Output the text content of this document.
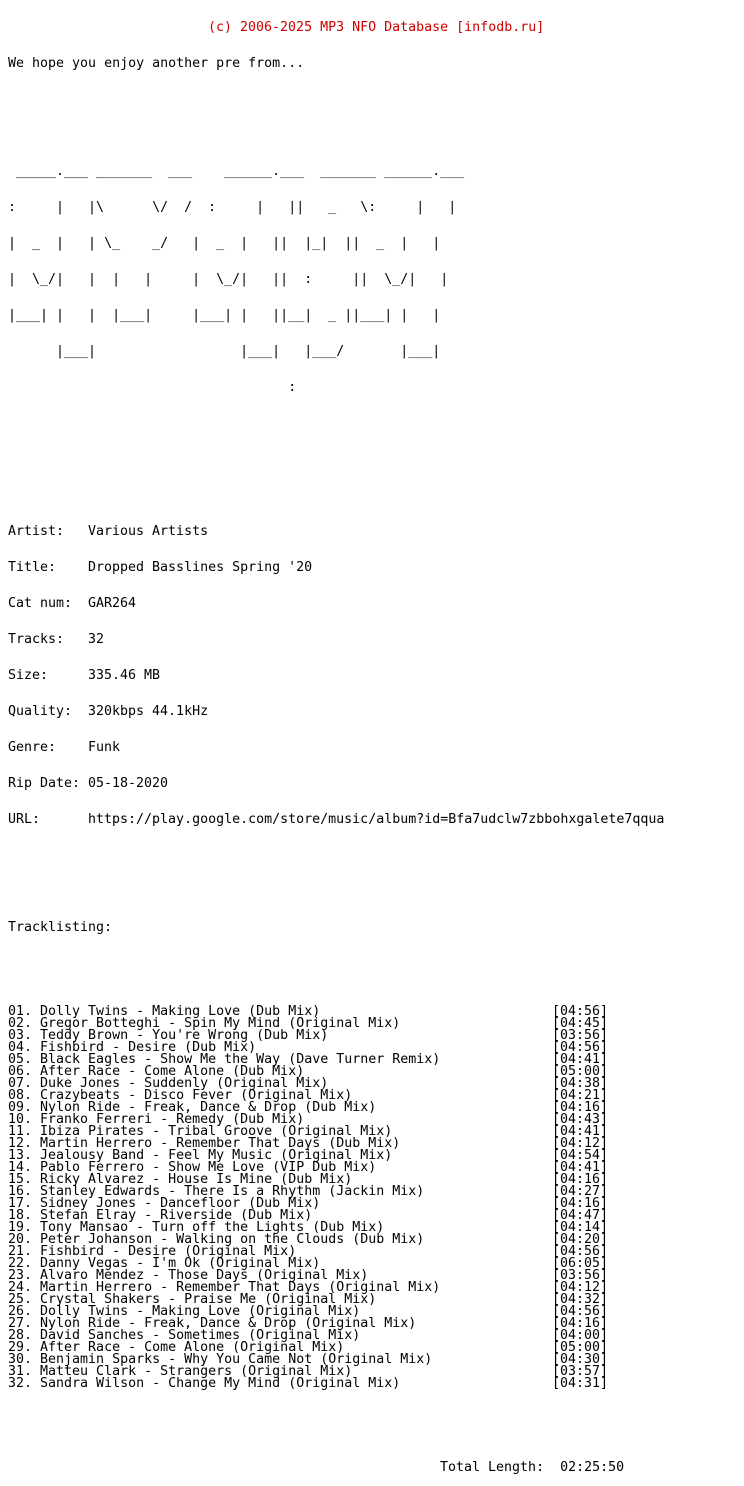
(c) 2006-2025 MP3 NFO Database [infodb.ru]

We hope you enjoy another pre from...

_____.___ _______  ___    ______.___  _______ ______.___

:     |   |\      \/  /  :     |   ||   _   \:     |   |

|  _  |   | \_    _/   |  _  |   ||  |_|  ||  _  |   |

|  \_/|   |  |   |     |  \_/|   ||  :     ||  \_/|   |

|___| |   |  |___|     |___| |   ||__|  _ ||___| |   |

|___|                  |___|   |___/       |___|

:

Artist: Various Artists

Title: Dropped Basslines Spring '20

Cat num: GAR264

Tracks: 32

Size:	335.46 MB

Quality: 320kbps 44.1kHz

Genre: Funk

Rip Date: 05-18-2020

URL:	https://play.google.com/store/music/album?id=Bfa7udclw7zbbohxgalete7qqua

Tracklisting:

01. Dolly Twins - Making Love (Dub Mix)	[04:56]
02. Gregor Botteghi - Spin My Mind (Original Mix)	[04:45]
03. Teddy Brown - You're Wrong (Dub Mix)	[03:56]
04. Fishbird - Desire (Dub Mix)	[04:56]
05. Black Eagles - Show Me the Way (Dave Turner Remix)	[04:41]
06. After Race - Come Alone (Dub Mix)	[05:00]
07. Duke Jones - Suddenly (Original Mix)	[04:38]
08. Crazybeats - Disco Fever (Original Mix)	[04:21]
09. Nylon Ride - Freak, Dance & Drop (Dub Mix)	[04:16]
10. Franko Ferreri - Remedy (Dub Mix)	[04:43]
11. Ibiza Pirates - Tribal Groove (Original Mix)	[04:41]
12. Martin Herrero - Remember That Days (Dub Mix)	[04:12]
13. Jealousy Band - Feel My Music (Original Mix)	[04:54]
14. Pablo Ferrero - Show Me Love (VIP Dub Mix)	[04:41]
15. Ricky Alvarez - House Is Mine (Dub Mix)	[04:16]
16. Stanley Edwards - There Is a Rhythm (Jackin Mix)	[04:27]
17. Sidney Jones - Dancefloor (Dub Mix)	[04:16]
18. Stefan Elray - Riverside (Dub Mix)	[04:47]
19. Tony Mansao - Turn off the Lights (Dub Mix)	[04:14]
20. Peter Johanson - Walking on the Clouds (Dub Mix)	[04:20]
21. Fishbird - Desire (Original Mix)	[04:56]
22. Danny Vegas - I'm Ok (Original Mix)	[06:05]
23. Alvaro Mendez - Those Days (Original Mix)	[03:56]
24. Martin Herrero - Remember That Days (Original Mix)	[04:12]
25. Crystal Shakers - Praise Me (Original Mix)	[04:32]
26. Dolly Twins - Making Love (Original Mix)	[04:56]
27. Nylon Ride - Freak, Dance & Drop (Original Mix)	[04:16]
28. David Sanches - Sometimes (Original Mix)	[04:00]
29. After Race - Come Alone (Original Mix)	[05:00]
30. Benjamin Sparks - Why You Came Not (Original Mix)	[04:30]
31. Matteu Clark - Strangers (Original Mix)	[03:57]
32. Sandra Wilson - Change My Mind (Original Mix)	[04:31]

Total Length:  02:25:50
